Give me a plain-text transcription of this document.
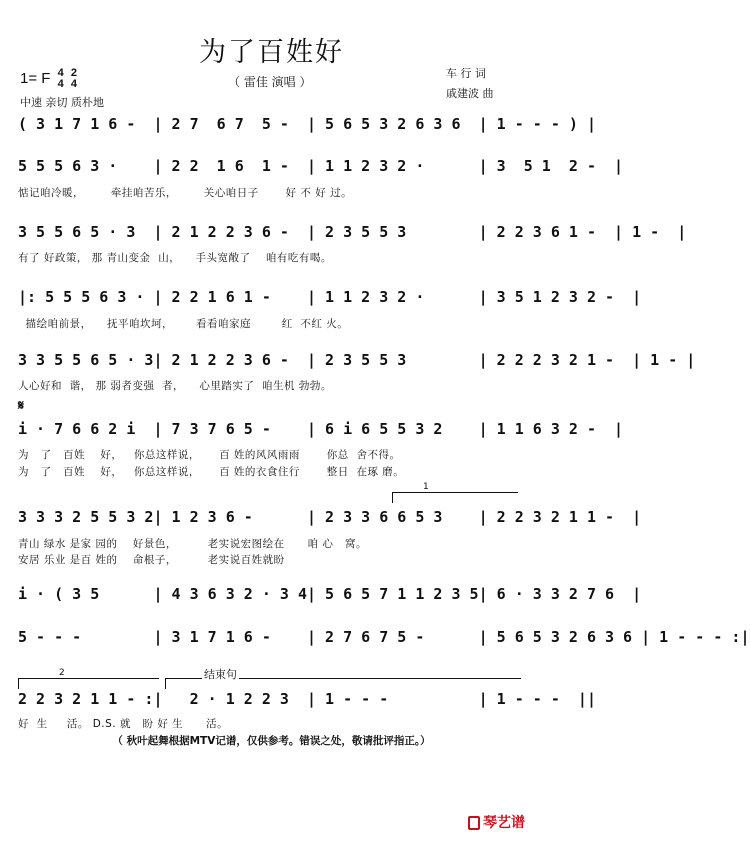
为了百姓好
1= F 4
4

2
4	（ 雷佳 演唱 ）
车 行 词
戚建波 曲
中速 亲切 质朴地
𝄋
1
2	结束句
( 3 1 7 1 6 -  | 2 7  6 7  5 -  | 5 6 5 3 2 6 3 6  | 1 - - - ) |
5 5 5 6 3 ·    | 2 2  1 6  1 -  | 1 1 2 3 2 ·      | 3  5 1  2 -  |
3 5 5 6 5 · 3  | 2 1 2 2 3 6 -  | 2 3 5 5 3        | 2 2 3 6 1 -  | 1 -  |
|: 5 5 5 6 3 · | 2 2 1 6 1 -    | 1 1 2 3 2 ·      | 3 5 1 2 3 2 -  |
3 3 5 5 6 5 · 3| 2 1 2 2 3 6 -  | 2 3 5 5 3        | 2 2 2 3 2 1 -  | 1 - |
i · 7 6 6 2 i  | 7 3 7 6 5 -    | 6 i 6 5 5 3 2    | 1 1 6 3 2 -  |
3 3 3 2 5 5 3 2| 1 2 3 6 -      | 2 3 3 6 6 5 3    | 2 2 3 2 1 1 -  |
i · ( 3 5      | 4 3 6 3 2 · 3 4| 5 6 5 7 1 1 2 3 5| 6 · 3 3 2 7 6  |
5 - - -        | 3 1 7 1 6 -    | 2 7 6 7 5 -      | 5 6 5 3 2 6 3 6 | 1 - - - :|
2 2 3 2 1 1 - :|   2 · 1 2 2 3  | 1 - - -          | 1 - - -  ||
惦记咱冷暖，       牵挂咱苦乐，       关心咱日子       好 不 好 过。
有了 好政策， 那 青山变金  山，    手头宽敞了    咱有吃有喝。
描绘咱前景，    抚平咱坎坷，      看看咱家庭        红  不红 火。
人心好和  谐， 那 弱者变强  者，    心里踏实了  咱生机 勃勃。
为   了   百姓    好，   你总这样说，     百 姓的风风雨雨       你总  舍不得。
为   了   百姓    好，   你总这样说，     百 姓的衣食住行       整日  在琢 磨。
青山 绿水 是家 园的    好景色，        老实说宏图绘在      咱 心   窝。
安居 乐业 是百 姓的    命根子，        老实说百姓就盼
好  生     活。 D.S. 就   盼 好 生      活。
（ 秋叶起舞根据MTV记谱，仅供参考。错误之处，敬请批评指正。）
琴艺谱
